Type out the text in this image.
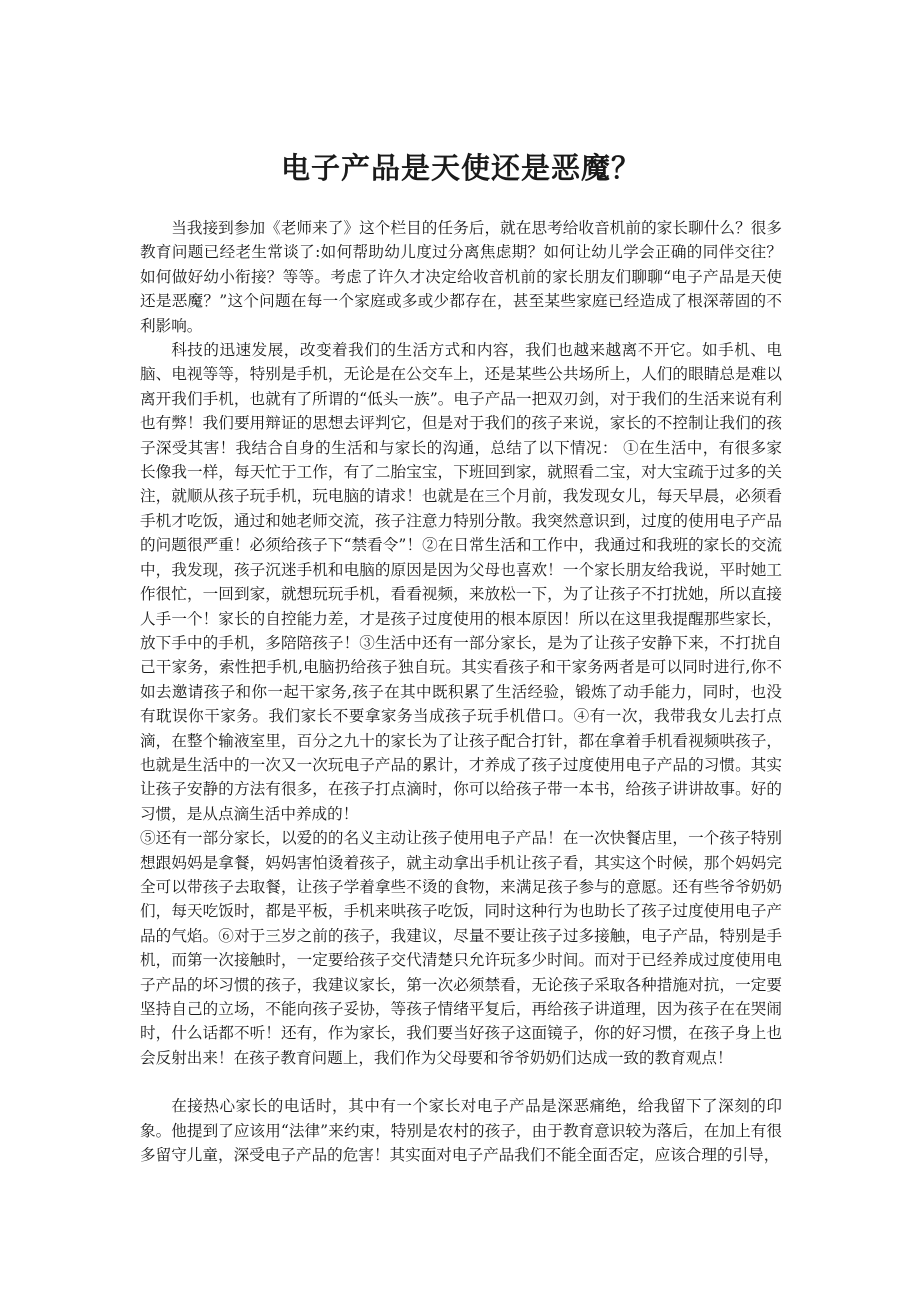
电子产品是天使还是恶魔？

当我接到参加《老师来了》这个栏目的任务后，就在思考给收音机前的家长聊什么？很多教育问题已经老生常谈了:如何帮助幼儿度过分离焦虑期？如何让幼儿学会正确的同伴交往？如何做好幼小衔接？等等。考虑了许久才决定给收音机前的家长朋友们聊聊“电子产品是天使还是恶魔？”这个问题在每一个家庭或多或少都存在，甚至某些家庭已经造成了根深蒂固的不利影响。

科技的迅速发展，改变着我们的生活方式和内容，我们也越来越离不开它。如手机、电脑、电视等等，特别是手机，无论是在公交车上，还是某些公共场所上，人们的眼睛总是难以离开我们手机，也就有了所谓的“低头一族”。电子产品一把双刃剑，对于我们的生活来说有利也有弊！我们要用辩证的思想去评判它，但是对于我们的孩子来说，家长的不控制让我们的孩子深受其害！我结合自身的生活和与家长的沟通，总结了以下情况： ①在生活中，有很多家长像我一样，每天忙于工作，有了二胎宝宝，下班回到家，就照看二宝，对大宝疏于过多的关注，就顺从孩子玩手机，玩电脑的请求！也就是在三个月前，我发现女儿，每天早晨，必须看手机才吃饭，通过和她老师交流，孩子注意力特别分散。我突然意识到，过度的使用电子产品的问题很严重！必须给孩子下“禁看令”！②在日常生活和工作中，我通过和我班的家长的交流中，我发现，孩子沉迷手机和电脑的原因是因为父母也喜欢！一个家长朋友给我说，平时她工作很忙，一回到家，就想玩玩手机，看看视频，来放松一下，为了让孩子不打扰她，所以直接人手一个！家长的自控能力差，才是孩子过度使用的根本原因！所以在这里我提醒那些家长，放下手中的手机，多陪陪孩子！③生活中还有一部分家长，是为了让孩子安静下来，不打扰自己干家务，索性把手机,电脑扔给孩子独自玩。其实看孩子和干家务两者是可以同时进行,你不如去邀请孩子和你一起干家务,孩子在其中既积累了生活经验，锻炼了动手能力，同时，也没有耽误你干家务。我们家长不要拿家务当成孩子玩手机借口。④有一次，我带我女儿去打点滴，在整个输液室里，百分之九十的家长为了让孩子配合打针，都在拿着手机看视频哄孩子，也就是生活中的一次又一次玩电子产品的累计，才养成了孩子过度使用电子产品的习惯。其实让孩子安静的方法有很多，在孩子打点滴时，你可以给孩子带一本书，给孩子讲讲故事。好的习惯，是从点滴生活中养成的！

⑤还有一部分家长，以爱的的名义主动让孩子使用电子产品！在一次快餐店里，一个孩子特别想跟妈妈是拿餐，妈妈害怕烫着孩子，就主动拿出手机让孩子看，其实这个时候，那个妈妈完全可以带孩子去取餐，让孩子学着拿些不烫的食物，来满足孩子参与的意愿。还有些爷爷奶奶们，每天吃饭时，都是平板，手机来哄孩子吃饭，同时这种行为也助长了孩子过度使用电子产品的气焰。⑥对于三岁之前的孩子，我建议，尽量不要让孩子过多接触，电子产品，特别是手机，而第一次接触时，一定要给孩子交代清楚只允许玩多少时间。而对于已经养成过度使用电子产品的坏习惯的孩子，我建议家长，第一次必须禁看，无论孩子采取各种措施对抗，一定要坚持自己的立场，不能向孩子妥协，等孩子情绪平复后，再给孩子讲道理，因为孩子在在哭闹时，什么话都不听！还有，作为家长，我们要当好孩子这面镜子，你的好习惯，在孩子身上也会反射出来！在孩子教育问题上，我们作为父母要和爷爷奶奶们达成一致的教育观点！

在接热心家长的电话时，其中有一个家长对电子产品是深恶痛绝，给我留下了深刻的印象。他提到了应该用“法律”来约束，特别是农村的孩子，由于教育意识较为落后，在加上有很多留守儿童，深受电子产品的危害！其实面对电子产品我们不能全面否定，应该合理的引导，
